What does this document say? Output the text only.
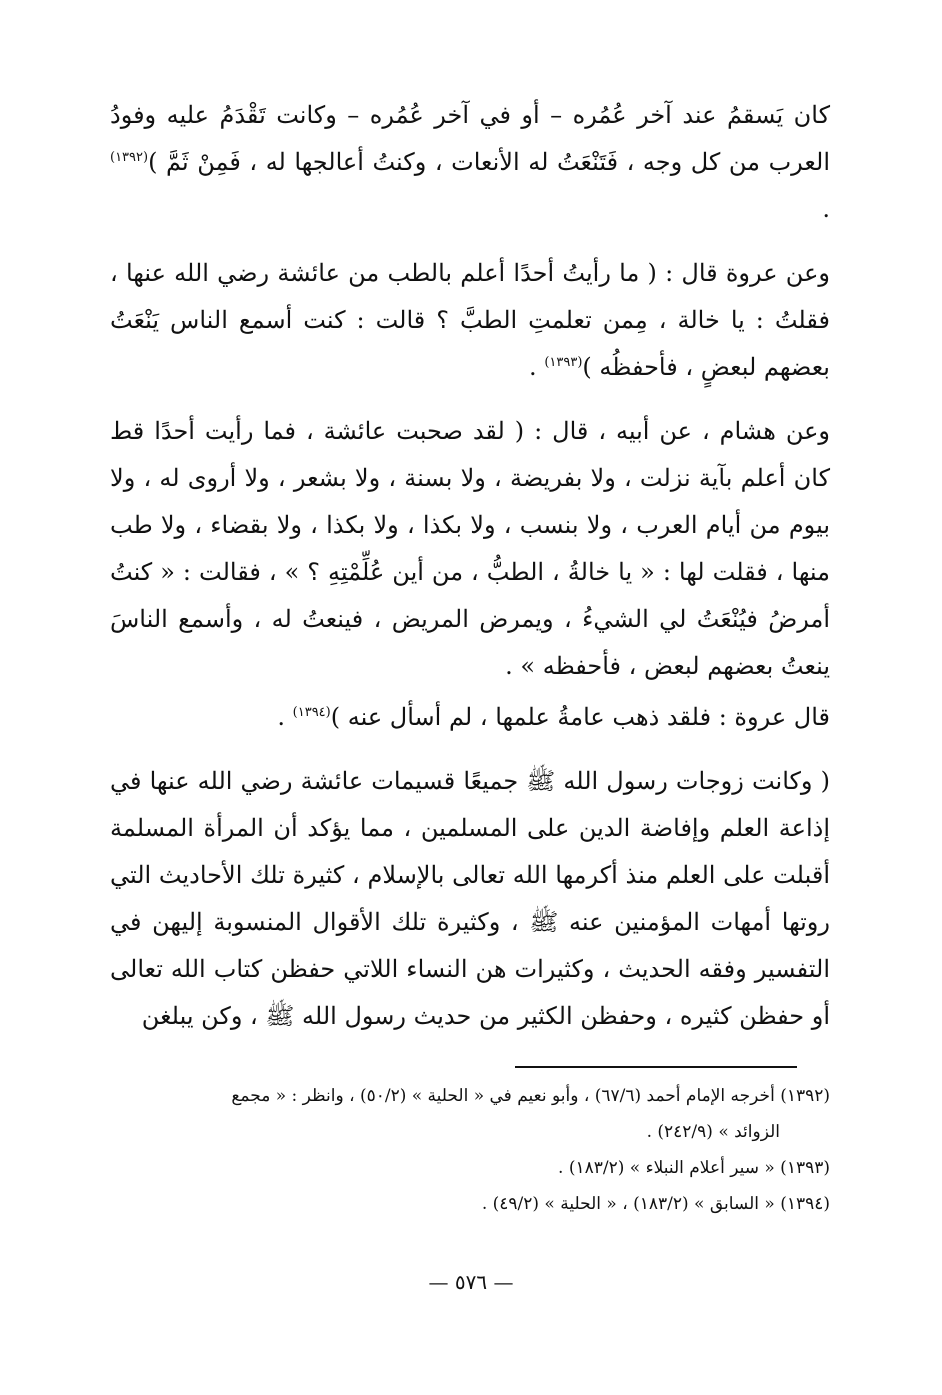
كان يَسقمُ عند آخر عُمُره – أو في آخر عُمُره – وكانت تَقْدَمُ عليه وفودُ العرب من كل وجه ، فَتَنْعَتُ له الأنعات ، وكنتُ أعالجها له ، فَمِنْ ثَمَّ )$^{(١٣٩٢)}$ .

وعن عروة قال : ( ما رأيتُ أحدًا أعلم بالطب من عائشة رضي الله عنها ، فقلتُ : يا خالة ، مِمن تعلمتِ الطبَّ ؟ قالت : كنت أسمع الناس يَنْعَتُ بعضهم لبعضٍ ، فأحفظُه )$^{(١٣٩٣)}$ .

وعن هشام ، عن أبيه ، قال : ( لقد صحبت عائشة ، فما رأيت أحدًا قط كان أعلم بآية نزلت ، ولا بفريضة ، ولا بسنة ، ولا بشعر ، ولا أروى له ، ولا بيوم من أيام العرب ، ولا بنسب ، ولا بكذا ، ولا بكذا ، ولا بقضاء ، ولا طب منها ، فقلت لها : « يا خالةُ ، الطبُّ ، من أين عُلِّمْتِهِ ؟ » ، فقالت : « كنتُ أمرضُ فيُنْعَتُ لي الشيءُ ، ويمرض المريض ، فينعتُ له ، وأسمع الناسَ ينعتُ بعضهم لبعض ، فأحفظه » .

قال عروة : فلقد ذهب عامةُ علمها ، لم أسأل عنه )$^{(١٣٩٤)}$ .

( وكانت زوجات رسول الله ﷺ جميعًا قسيمات عائشة رضي الله عنها في إذاعة العلم وإفاضة الدين على المسلمين ، مما يؤكد أن المرأة المسلمة أقبلت على العلم منذ أكرمها الله تعالى بالإسلام ، كثيرة تلك الأحاديث التي روتها أمهات المؤمنين عنه ﷺ ، وكثيرة تلك الأقوال المنسوبة إليهن في التفسير وفقه الحديث ، وكثيرات هن النساء اللاتي حفظن كتاب الله تعالى أو حفظن كثيره ، وحفظن الكثير من حديث رسول الله ﷺ ، وكن يبلغن

(١٣٩٢) أخرجه الإمام أحمد (٦٧/٦) ، وأبو نعيم في « الحلية » (٥٠/٢) ، وانظر : « مجمع
الزوائد » (٢٤٢/٩) .

(١٣٩٣) « سير أعلام النبلاء » (١٨٣/٢) .

(١٣٩٤) « السابق » (١٨٣/٢) ، « الحلية » (٤٩/٢) .

— ٥٧٦ —
